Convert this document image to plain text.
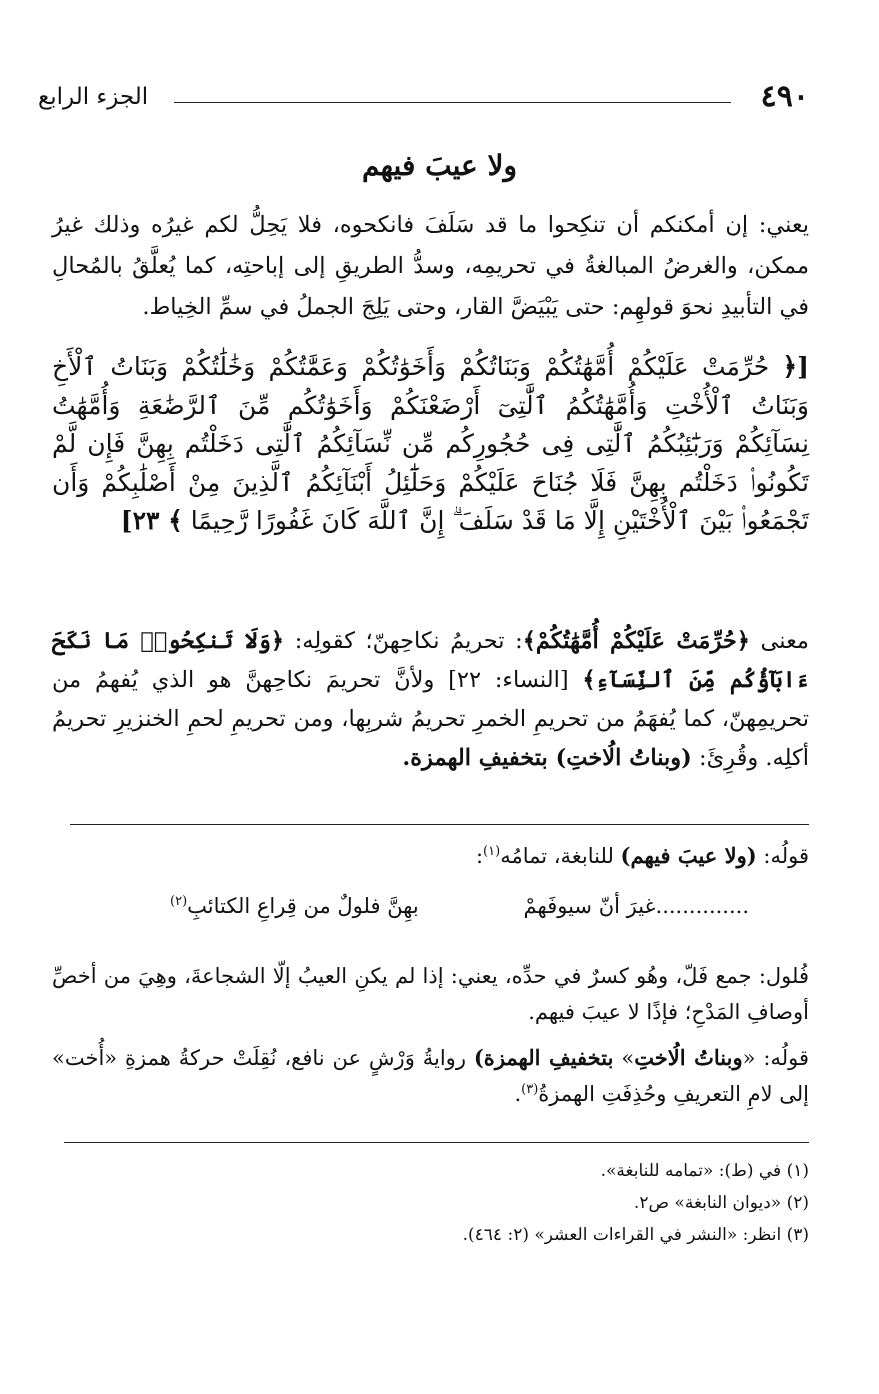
٤٩٠
الجزء الرابع
ولا عيبَ فيهم

يعني: إن أمكنكم أن تنكِحوا ما قد سَلَفَ فانكحوه، فلا يَحِلُّ لكم غيرُه وذلك غيرُ ممكن، والغرضُ المبالغةُ في تحريمِه، وسدُّ الطريقِ إلى إباحتِه، كما يُعلَّقُ بالمُحالِ في التأبيدِ نحوَ قولهِم: حتى يَبْيَضَّ القار، وحتى يَلِجَ الجملُ في سمِّ الخِياط.

[﴿ حُرِّمَتْ عَلَيْكُمْ أُمَّهَٰتُكُمْ وَبَنَاتُكُمْ وَأَخَوَٰتُكُمْ وَعَمَّٰتُكُمْ وَخَٰلَٰتُكُمْ وَبَنَاتُ ٱلْأَخِ وَبَنَاتُ ٱلْأُخْتِ وَأُمَّهَٰتُكُمُ ٱلَّٰتِىٓ أَرْضَعْنَكُمْ وَأَخَوَٰتُكُم مِّنَ ٱلرَّضَٰعَةِ وَأُمَّهَٰتُ نِسَآئِكُمْ وَرَبَٰٓئِبُكُمُ ٱلَّٰتِى فِى حُجُورِكُم مِّن نِّسَآئِكُمُ ٱلَّٰتِى دَخَلْتُم بِهِنَّ فَإِن لَّمْ تَكُونُوا۟ دَخَلْتُم بِهِنَّ فَلَا جُنَاحَ عَلَيْكُمْ وَحَلَٰٓئِلُ أَبْنَآئِكُمُ ٱلَّذِينَ مِنْ أَصْلَٰبِكُمْ وَأَن تَجْمَعُوا۟ بَيْنَ ٱلْأُخْتَيْنِ إِلَّا مَا قَدْ سَلَفَ ۗ إِنَّ ٱللَّهَ كَانَ غَفُورًا رَّحِيمًا ﴾ ٢٣]

معنى ﴿حُرِّمَتْ عَلَيْكُمْ أُمَّهَٰتُكُمْ﴾: تحريمُ نكاحِهنّ؛ كقولِه: ﴿وَلَا تَنكِحُوا۟ مَا نَكَحَ ءَابَآؤُكُم مِّنَ ٱلنِّسَآءِ﴾ [النساء: ٢٢] ولأنَّ تحريمَ نكاحِهنَّ هو الذي يُفهمُ من تحريمِهنّ، كما يُفهَمُ من تحريمِ الخمرِ تحريمُ شربِها، ومن تحريمِ لحمِ الخنزيرِ تحريمُ أكلِه. وقُرِئَ: (وبناتُ الُاختِ) بتخفيفِ الهمزة.

قولُه: (ولا عيبَ فيهم) للنابغة، تمامُه$^{(١)}$:

بهِنَّ فلولٌ من قِراعِ الكتائبِ$^{(٢)}$	..............غيرَ أنّ سيوفَهمْ

فُلول: جمع فَلّ، وهُو كسرٌ في حدِّه، يعني: إذا لم يكنِ العيبُ إلّا الشجاعةَ، وهِيَ من أخصِّ أوصافِ المَدْحِ؛ فإذًا لا عيبَ فيهم.

قولُه: «وبناتُ الُاختِ» بتخفيفِ الهمزة) روايةُ وَرْشٍ عن نافع، نُقِلَتْ حركةُ همزةِ «أُخت» إلى لامِ التعريفِ وحُذِفَتِ الهمزةُ$^{(٣)}$.

(١) في (ط): «تمامه للنابغة».
(٢) «ديوان النابغة» ص٢.
(٣) انظر: «النشر في القراءات العشر» (٢: ٤٦٤).
